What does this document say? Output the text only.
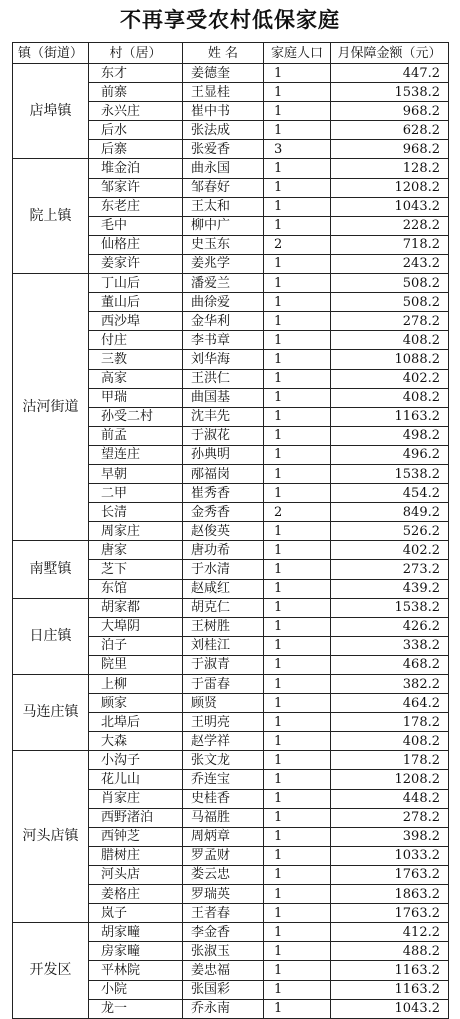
不再享受农村低保家庭
镇（街道）	村（居）	姓 名	家庭人口	月保障金额（元）
店埠镇	东才	姜德奎	1	447.2
	前寨	王显桂	1	1538.2
	永兴庄	崔中书	1	968.2
	后水	张法成	1	628.2
	后寨	张爱香	3	968.2
院上镇	堆金泊	曲永国	1	128.2
	邹家许	邹春好	1	1208.2
	东老庄	王太和	1	1043.2
	毛中	柳中广	1	228.2
	仙格庄	史玉东	2	718.2
	姜家许	姜兆学	1	243.2
沽河街道	丁山后	潘爱兰	1	508.2
	董山后	曲徐爱	1	508.2
	西沙埠	金华利	1	278.2
	付庄	李书章	1	408.2
	三教	刘华海	1	1088.2
	高家	王洪仁	1	402.2
	甲瑞	曲国基	1	408.2
	孙受二村	沈丰先	1	1163.2
	前孟	于淑花	1	498.2
	望连庄	孙典明	1	496.2
	早朝	邴福岗	1	1538.2
	二甲	崔秀香	1	454.2
	长清	金秀香	2	849.2
	周家庄	赵俊英	1	526.2
南墅镇	唐家	唐功希	1	402.2
	芝下	于水清	1	273.2
	东馆	赵咸红	1	439.2
日庄镇	胡家都	胡克仁	1	1538.2
	大埠阴	王树胜	1	426.2
	泊子	刘桂江	1	338.2
	院里	于淑青	1	468.2
马连庄镇	上柳	于雷春	1	382.2
	顾家	顾贤	1	464.2
	北埠后	王明亮	1	178.2
	大森	赵学祥	1	408.2
河头店镇	小沟子	张文龙	1	178.2
	花儿山	乔连宝	1	1208.2
	肖家庄	史桂香	1	448.2
	西野渚泊	马福胜	1	278.2
	西钟芝	周炳章	1	398.2
	腊树庄	罗孟财	1	1033.2
	河头店	娄云忠	1	1763.2
	姜格庄	罗瑞英	1	1863.2
	岚子	王者春	1	1763.2
开发区	胡家疃	李金香	1	412.2
	房家疃	张淑玉	1	488.2
	平林院	姜忠福	1	1163.2
	小院	张国彩	1	1163.2
	龙一	乔永南	1	1043.2
